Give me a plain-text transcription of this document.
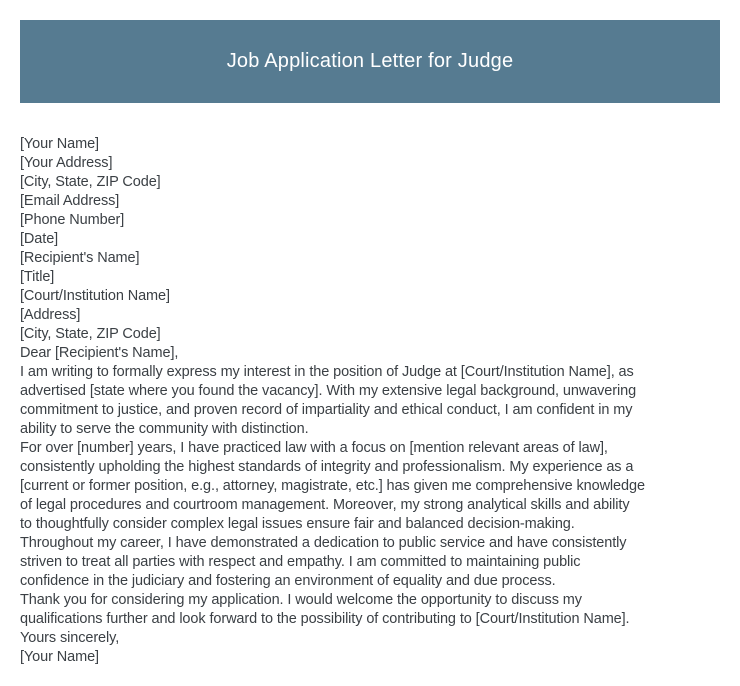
Job Application Letter for Judge
[Your Name]
[Your Address]
[City, State, ZIP Code]
[Email Address]
[Phone Number]
[Date]
[Recipient's Name]
[Title]
[Court/Institution Name]
[Address]
[City, State, ZIP Code]
Dear [Recipient's Name],
I am writing to formally express my interest in the position of Judge at [Court/Institution Name], as
advertised [state where you found the vacancy]. With my extensive legal background, unwavering
commitment to justice, and proven record of impartiality and ethical conduct, I am confident in my
ability to serve the community with distinction.
For over [number] years, I have practiced law with a focus on [mention relevant areas of law],
consistently upholding the highest standards of integrity and professionalism. My experience as a
[current or former position, e.g., attorney, magistrate, etc.] has given me comprehensive knowledge
of legal procedures and courtroom management. Moreover, my strong analytical skills and ability
to thoughtfully consider complex legal issues ensure fair and balanced decision-making.
Throughout my career, I have demonstrated a dedication to public service and have consistently
striven to treat all parties with respect and empathy. I am committed to maintaining public
confidence in the judiciary and fostering an environment of equality and due process.
Thank you for considering my application. I would welcome the opportunity to discuss my
qualifications further and look forward to the possibility of contributing to [Court/Institution Name].
Yours sincerely,
[Your Name]
